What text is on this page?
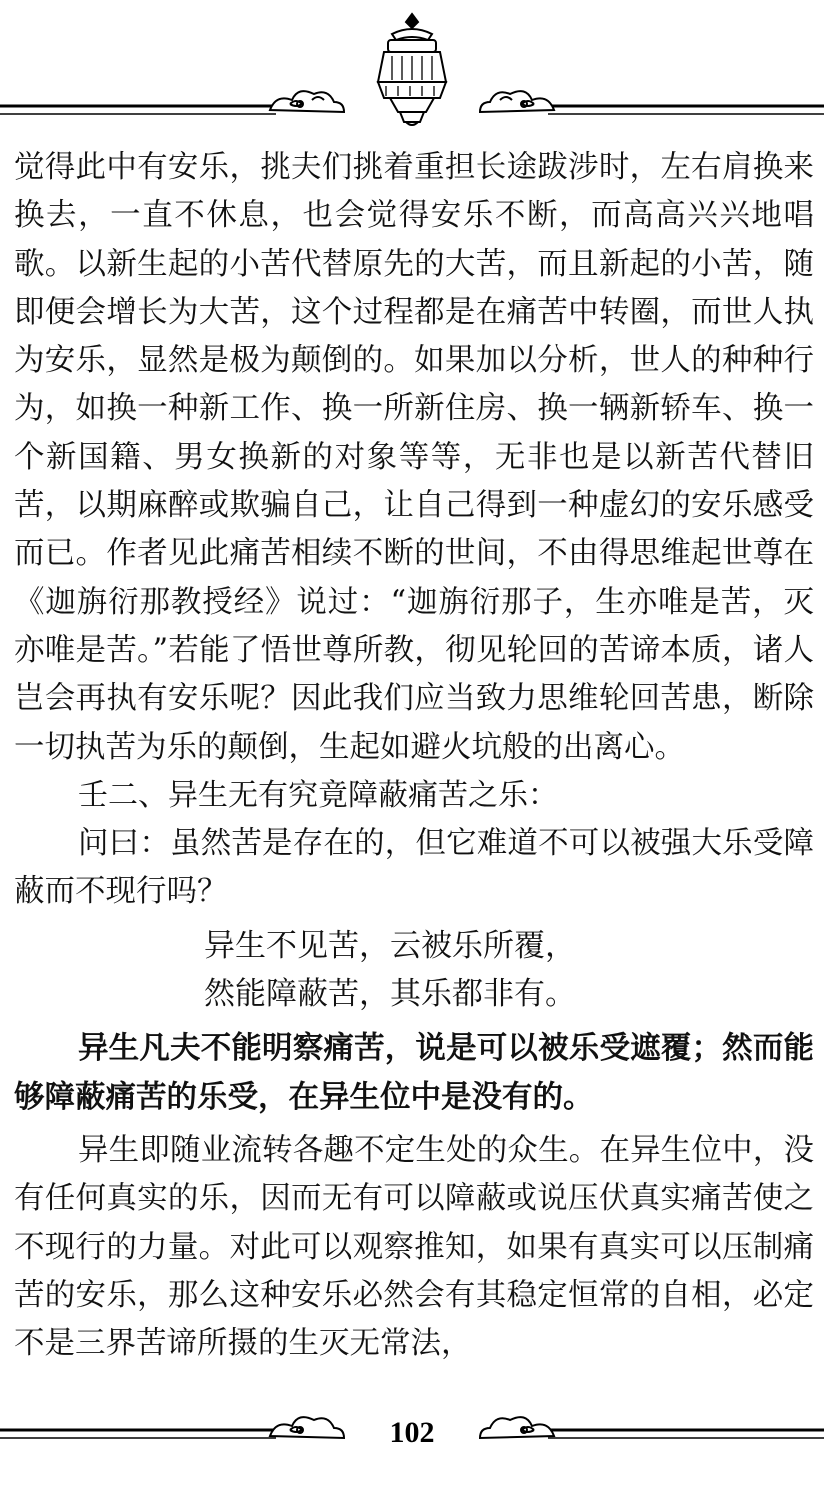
觉得此中有安乐，挑夫们挑着重担长途跋涉时，左右肩换来换去，一直不休息，也会觉得安乐不断，而高高兴兴地唱歌。以新生起的小苦代替原先的大苦，而且新起的小苦，随即便会增长为大苦，这个过程都是在痛苦中转圈，而世人执为安乐，显然是极为颠倒的。如果加以分析，世人的种种行为，如换一种新工作、换一所新住房、换一辆新轿车、换一个新国籍、男女换新的对象等等，无非也是以新苦代替旧苦，以期麻醉或欺骗自己，让自己得到一种虚幻的安乐感受而已。作者见此痛苦相续不断的世间，不由得思维起世尊在《迦旃衍那教授经》说过：“迦旃衍那子，生亦唯是苦，灭亦唯是苦。”若能了悟世尊所教，彻见轮回的苦谛本质，诸人岂会再执有安乐呢？因此我们应当致力思维轮回苦患，断除一切执苦为乐的颠倒，生起如避火坑般的出离心。

壬二、异生无有究竟障蔽痛苦之乐：

问曰：虽然苦是存在的，但它难道不可以被强大乐受障蔽而不现行吗？

异生不见苦，云被乐所覆，

然能障蔽苦，其乐都非有。

异生凡夫不能明察痛苦，说是可以被乐受遮覆；然而能够障蔽痛苦的乐受，在异生位中是没有的。

异生即随业流转各趣不定生处的众生。在异生位中，没有任何真实的乐，因而无有可以障蔽或说压伏真实痛苦使之不现行的力量。对此可以观察推知，如果有真实可以压制痛苦的安乐，那么这种安乐必然会有其稳定恒常的自相，必定不是三界苦谛所摄的生灭无常法，

102
